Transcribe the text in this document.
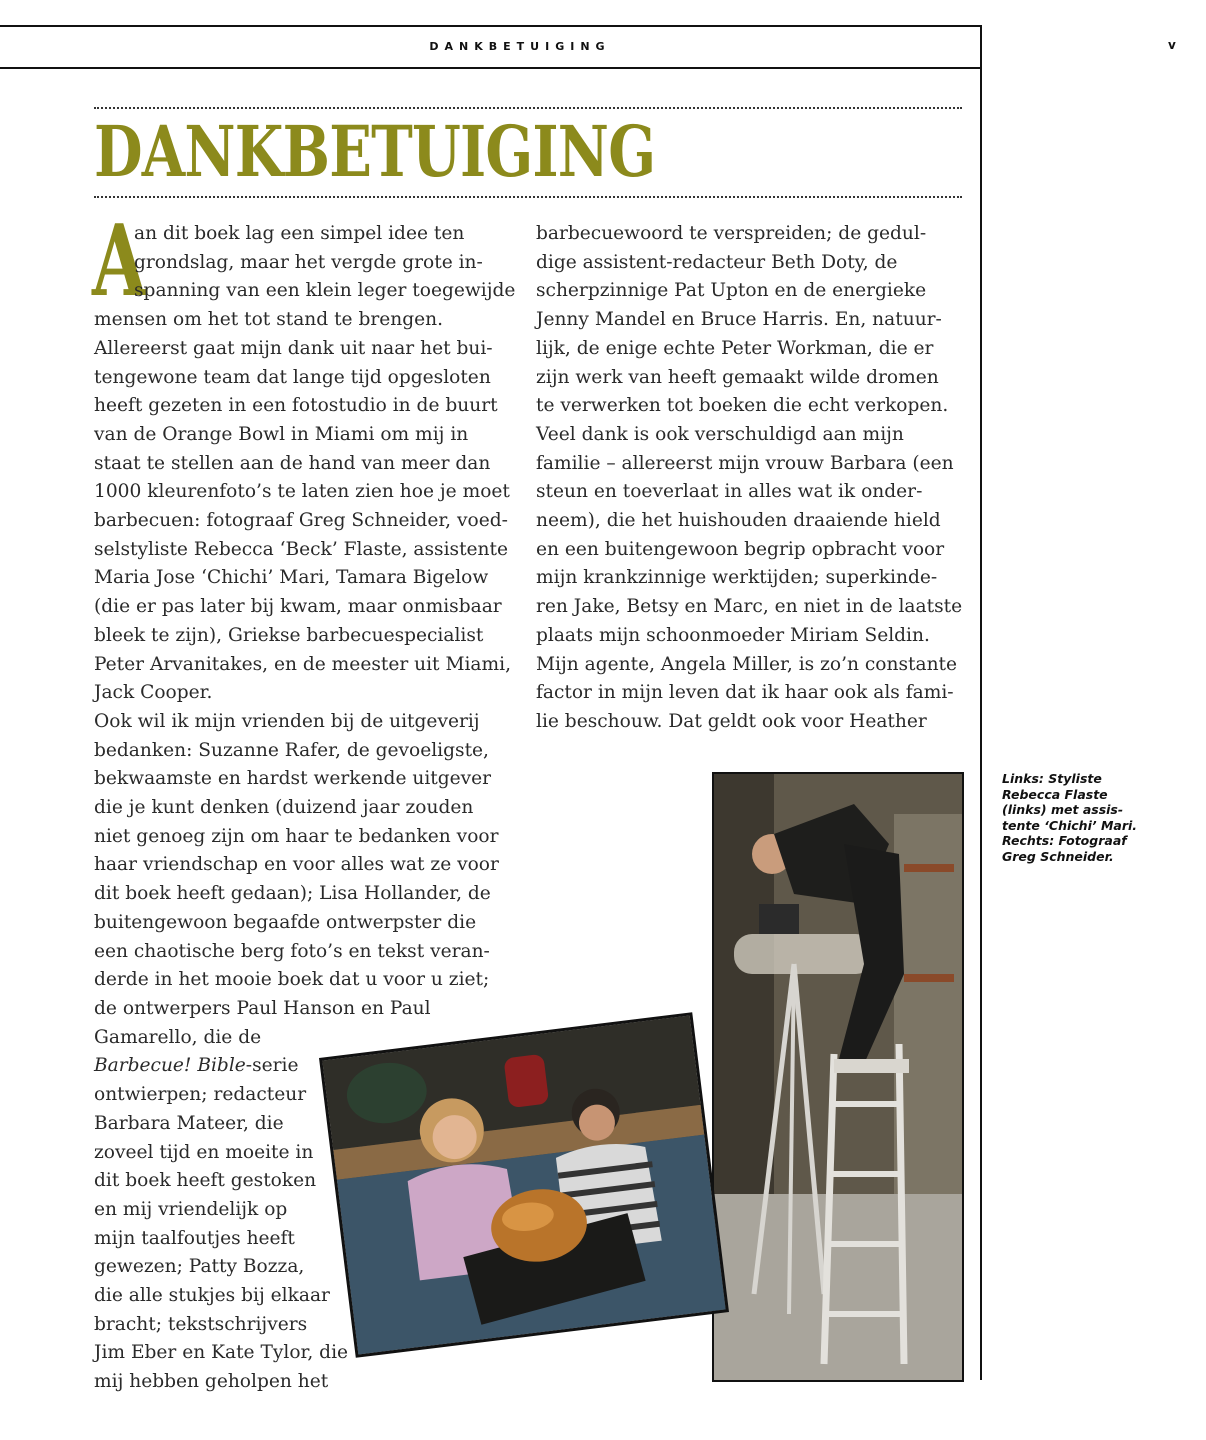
DANKBETUIGING	v
DANKBETUIGING
A
an dit boek lag een simpel idee ten
grondslag, maar het vergde grote in-
spanning van een klein leger toegewijde
mensen om het tot stand te brengen.
Allereerst gaat mijn dank uit naar het bui-
tengewone team dat lange tijd opgesloten
heeft gezeten in een fotostudio in de buurt
van de Orange Bowl in Miami om mij in
staat te stellen aan de hand van meer dan
1000 kleurenfoto’s te laten zien hoe je moet
barbecuen: fotograaf Greg Schneider, voed-
selstyliste Rebecca ‘Beck’ Flaste, assistente
Maria Jose ‘Chichi’ Mari, Tamara Bigelow
(die er pas later bij kwam, maar onmisbaar
bleek te zijn), Griekse barbecuespecialist
Peter Arvanitakes, en de meester uit Miami,
Jack Cooper.
Ook wil ik mijn vrienden bij de uitgeverij
bedanken: Suzanne Rafer, de gevoeligste,
bekwaamste en hardst werkende uitgever
die je kunt denken (duizend jaar zouden
niet genoeg zijn om haar te bedanken voor
haar vriendschap en voor alles wat ze voor
dit boek heeft gedaan); Lisa Hollander, de
buitengewoon begaafde ontwerpster die
een chaotische berg foto’s en tekst veran-
derde in het mooie boek dat u voor u ziet;
de ontwerpers Paul Hanson en Paul
Gamarello, die de
Barbecue! Bible-serie
ontwierpen; redacteur
Barbara Mateer, die
zoveel tijd en moeite in
dit boek heeft gestoken
en mij vriendelijk op
mijn taalfoutjes heeft
gewezen; Patty Bozza,
die alle stukjes bij elkaar
bracht; tekstschrijvers
Jim Eber en Kate Tylor, die
mij hebben geholpen het
barbecuewoord te verspreiden; de gedul-
dige assistent-redacteur Beth Doty, de
scherpzinnige Pat Upton en de energieke
Jenny Mandel en Bruce Harris. En, natuur-
lijk, de enige echte Peter Workman, die er
zijn werk van heeft gemaakt wilde dromen
te verwerken tot boeken die echt verkopen.
Veel dank is ook verschuldigd aan mijn
familie – allereerst mijn vrouw Barbara (een
steun en toeverlaat in alles wat ik onder-
neem), die het huishouden draaiende hield
en een buitengewoon begrip opbracht voor
mijn krankzinnige werktijden; superkinde-
ren Jake, Betsy en Marc, en niet in de laatste
plaats mijn schoonmoeder Miriam Seldin.
Mijn agente, Angela Miller, is zo’n constante
factor in mijn leven dat ik haar ook als fami-
lie beschouw. Dat geldt ook voor Heather
Links: Styliste
Rebecca Flaste
(links) met assis-
tente ‘Chichi’ Mari.
Rechts: Fotograaf
Greg Schneider.
